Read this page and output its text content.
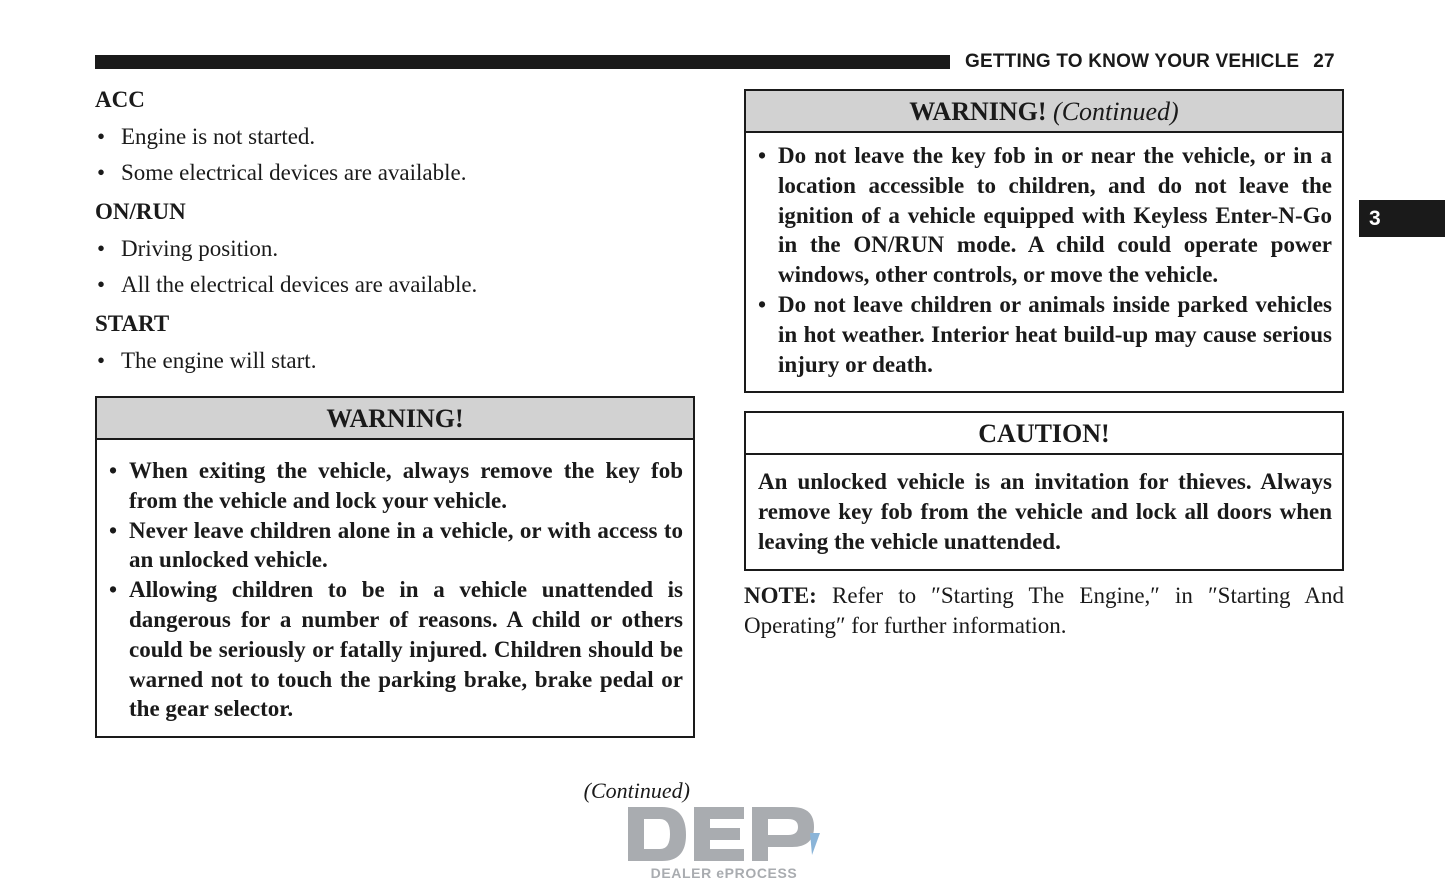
GETTING TO KNOW YOUR VEHICLE 27
3
ACC
• Engine is not started.
• Some electrical devices are available.
ON/RUN
• Driving position.
• All the electrical devices are available.
START
• The engine will start.
WARNING!
• When exiting the vehicle, always remove the key fob from the vehicle and lock your vehicle.
• Never leave children alone in a vehicle, or with access to an unlocked vehicle.
• Allowing children to be in a vehicle unattended is dangerous for a number of reasons. A child or others could be seriously or fatally injured. Children should be warned not to touch the parking brake, brake pedal or the gear selector.
(Continued)
WARNING! (Continued)
• Do not leave the key fob in or near the vehicle, or in a location accessible to children, and do not leave the ignition of a vehicle equipped with Keyless Enter-N-Go in the ON/RUN mode. A child could operate power windows, other controls, or move the vehicle.
• Do not leave children or animals inside parked vehicles in hot weather. Interior heat build-up may cause serious injury or death.
CAUTION!

An unlocked vehicle is an invitation for thieves. Always remove key fob from the vehicle and lock all doors when leaving the vehicle unattended.

NOTE: Refer to ″Starting The Engine,″ in ″Starting And Operating″ for further information.
DEALER ePROCESS
